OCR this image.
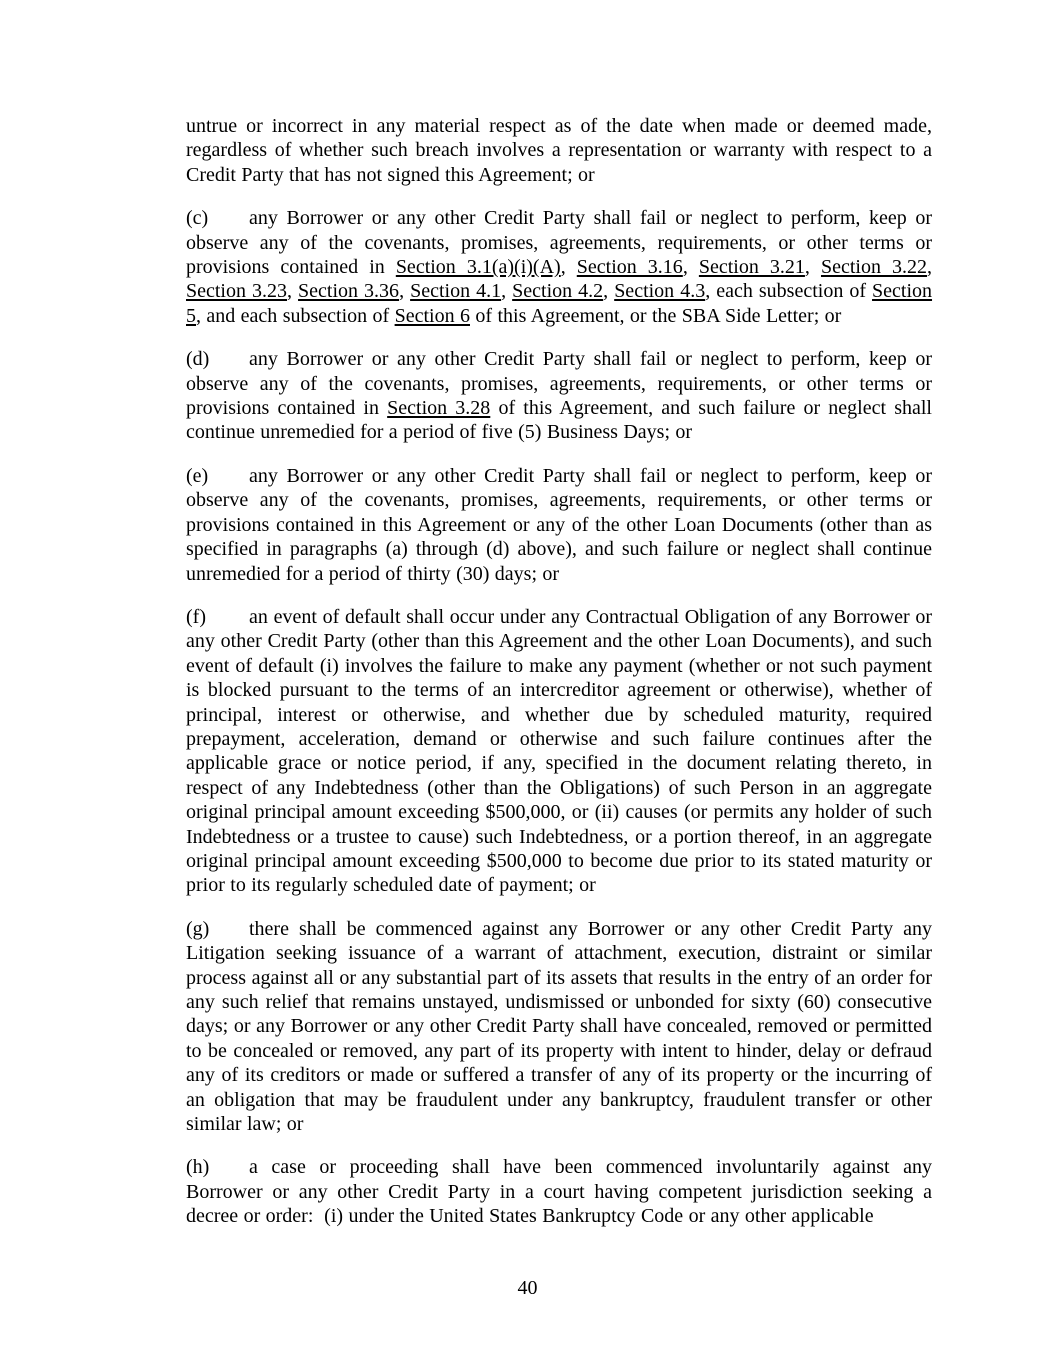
untrue or incorrect in any material respect as of the date when made or deemed made, regardless of whether such breach involves a representation or warranty with respect to a Credit Party that has not signed this Agreement; or

(c) any Borrower or any other Credit Party shall fail or neglect to perform, keep or observe any of the covenants, promises, agreements, requirements, or other terms or provisions contained in Section 3.1(a)(i)(A), Section 3.16, Section 3.21, Section 3.22, Section 3.23, Section 3.36, Section 4.1, Section 4.2, Section 4.3, each subsection of Section 5, and each subsection of Section 6 of this Agreement, or the SBA Side Letter; or

(d) any Borrower or any other Credit Party shall fail or neglect to perform, keep or observe any of the covenants, promises, agreements, requirements, or other terms or provisions contained in Section 3.28 of this Agreement, and such failure or neglect shall continue unremedied for a period of five (5) Business Days; or

(e) any Borrower or any other Credit Party shall fail or neglect to perform, keep or observe any of the covenants, promises, agreements, requirements, or other terms or provisions contained in this Agreement or any of the other Loan Documents (other than as specified in paragraphs (a) through (d) above), and such failure or neglect shall continue unremedied for a period of thirty (30) days; or

(f) an event of default shall occur under any Contractual Obligation of any Borrower or any other Credit Party (other than this Agreement and the other Loan Documents), and such event of default (i) involves the failure to make any payment (whether or not such payment is blocked pursuant to the terms of an intercreditor agreement or otherwise), whether of principal, interest or otherwise, and whether due by scheduled maturity, required prepayment, acceleration, demand or otherwise and such failure continues after the applicable grace or notice period, if any, specified in the document relating thereto, in respect of any Indebtedness (other than the Obligations) of such Person in an aggregate original principal amount exceeding $500,000, or (ii) causes (or permits any holder of such Indebtedness or a trustee to cause) such Indebtedness, or a portion thereof, in an aggregate original principal amount exceeding $500,000 to become due prior to its stated maturity or prior to its regularly scheduled date of payment; or

(g) there shall be commenced against any Borrower or any other Credit Party any Litigation seeking issuance of a warrant of attachment, execution, distraint or similar process against all or any substantial part of its assets that results in the entry of an order for any such relief that remains unstayed, undismissed or unbonded for sixty (60) consecutive days; or any Borrower or any other Credit Party shall have concealed, removed or permitted to be concealed or removed, any part of its property with intent to hinder, delay or defraud any of its creditors or made or suffered a transfer of any of its property or the incurring of an obligation that may be fraudulent under any bankruptcy, fraudulent transfer or other similar law; or

(h) a case or proceeding shall have been commenced involuntarily against any Borrower or any other Credit Party in a court having competent jurisdiction seeking a decree or order:  (i) under the United States Bankruptcy Code or any other applicable

40
